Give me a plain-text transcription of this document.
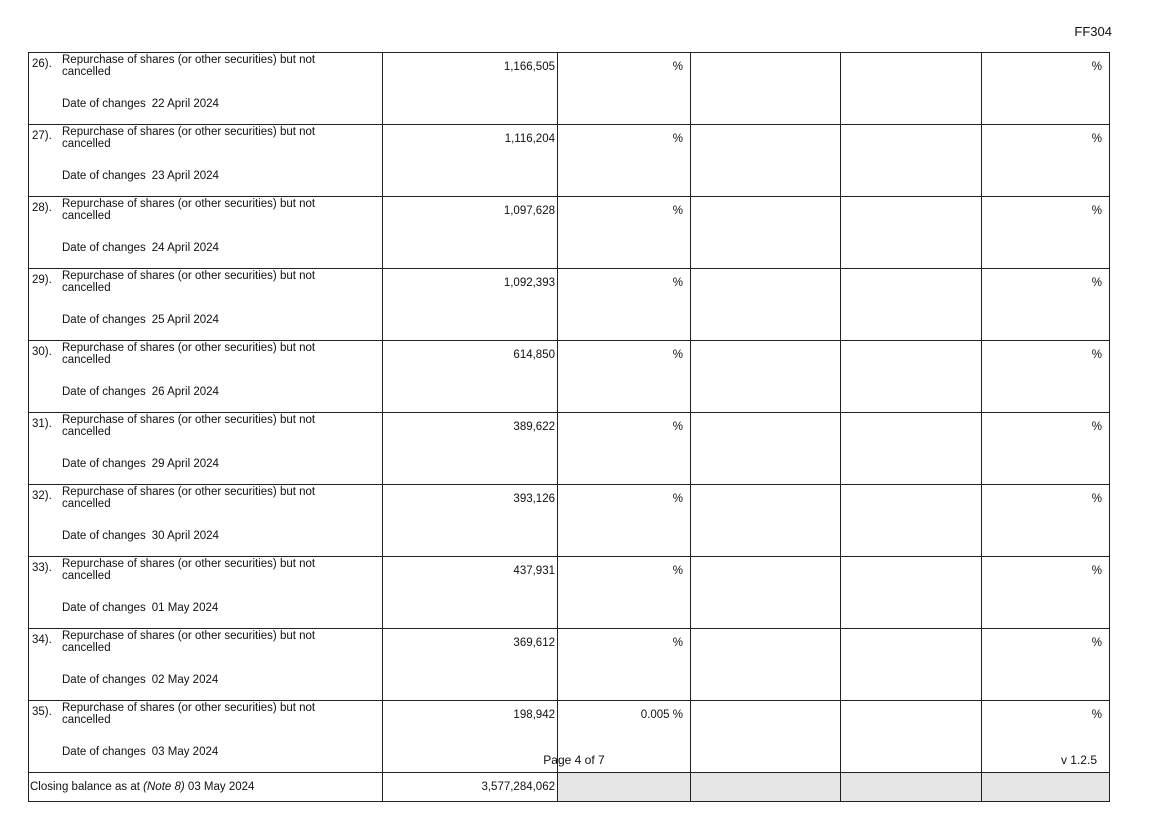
FF304
26). Repurchase of shares (or other securities) but not cancelled
Date of changes 22 April 2024	1,166,505	%			%

27). Repurchase of shares (or other securities) but not cancelled
Date of changes 23 April 2024	1,116,204	%			%

28). Repurchase of shares (or other securities) but not cancelled
Date of changes 24 April 2024	1,097,628	%			%

29). Repurchase of shares (or other securities) but not cancelled
Date of changes 25 April 2024	1,092,393	%			%

30). Repurchase of shares (or other securities) but not cancelled
Date of changes 26 April 2024	614,850	%			%

31). Repurchase of shares (or other securities) but not cancelled
Date of changes 29 April 2024	389,622	%			%

32). Repurchase of shares (or other securities) but not cancelled
Date of changes 30 April 2024	393,126	%			%

33). Repurchase of shares (or other securities) but not cancelled
Date of changes 01 May 2024	437,931	%			%

34). Repurchase of shares (or other securities) but not cancelled
Date of changes 02 May 2024	369,612	%			%

35). Repurchase of shares (or other securities) but not cancelled
Date of changes 03 May 2024	198,942	0.005 %			%
Closing balance as at (Note 8) 03 May 2024	3,577,284,062				
Page 4 of 7	v 1.2.5
